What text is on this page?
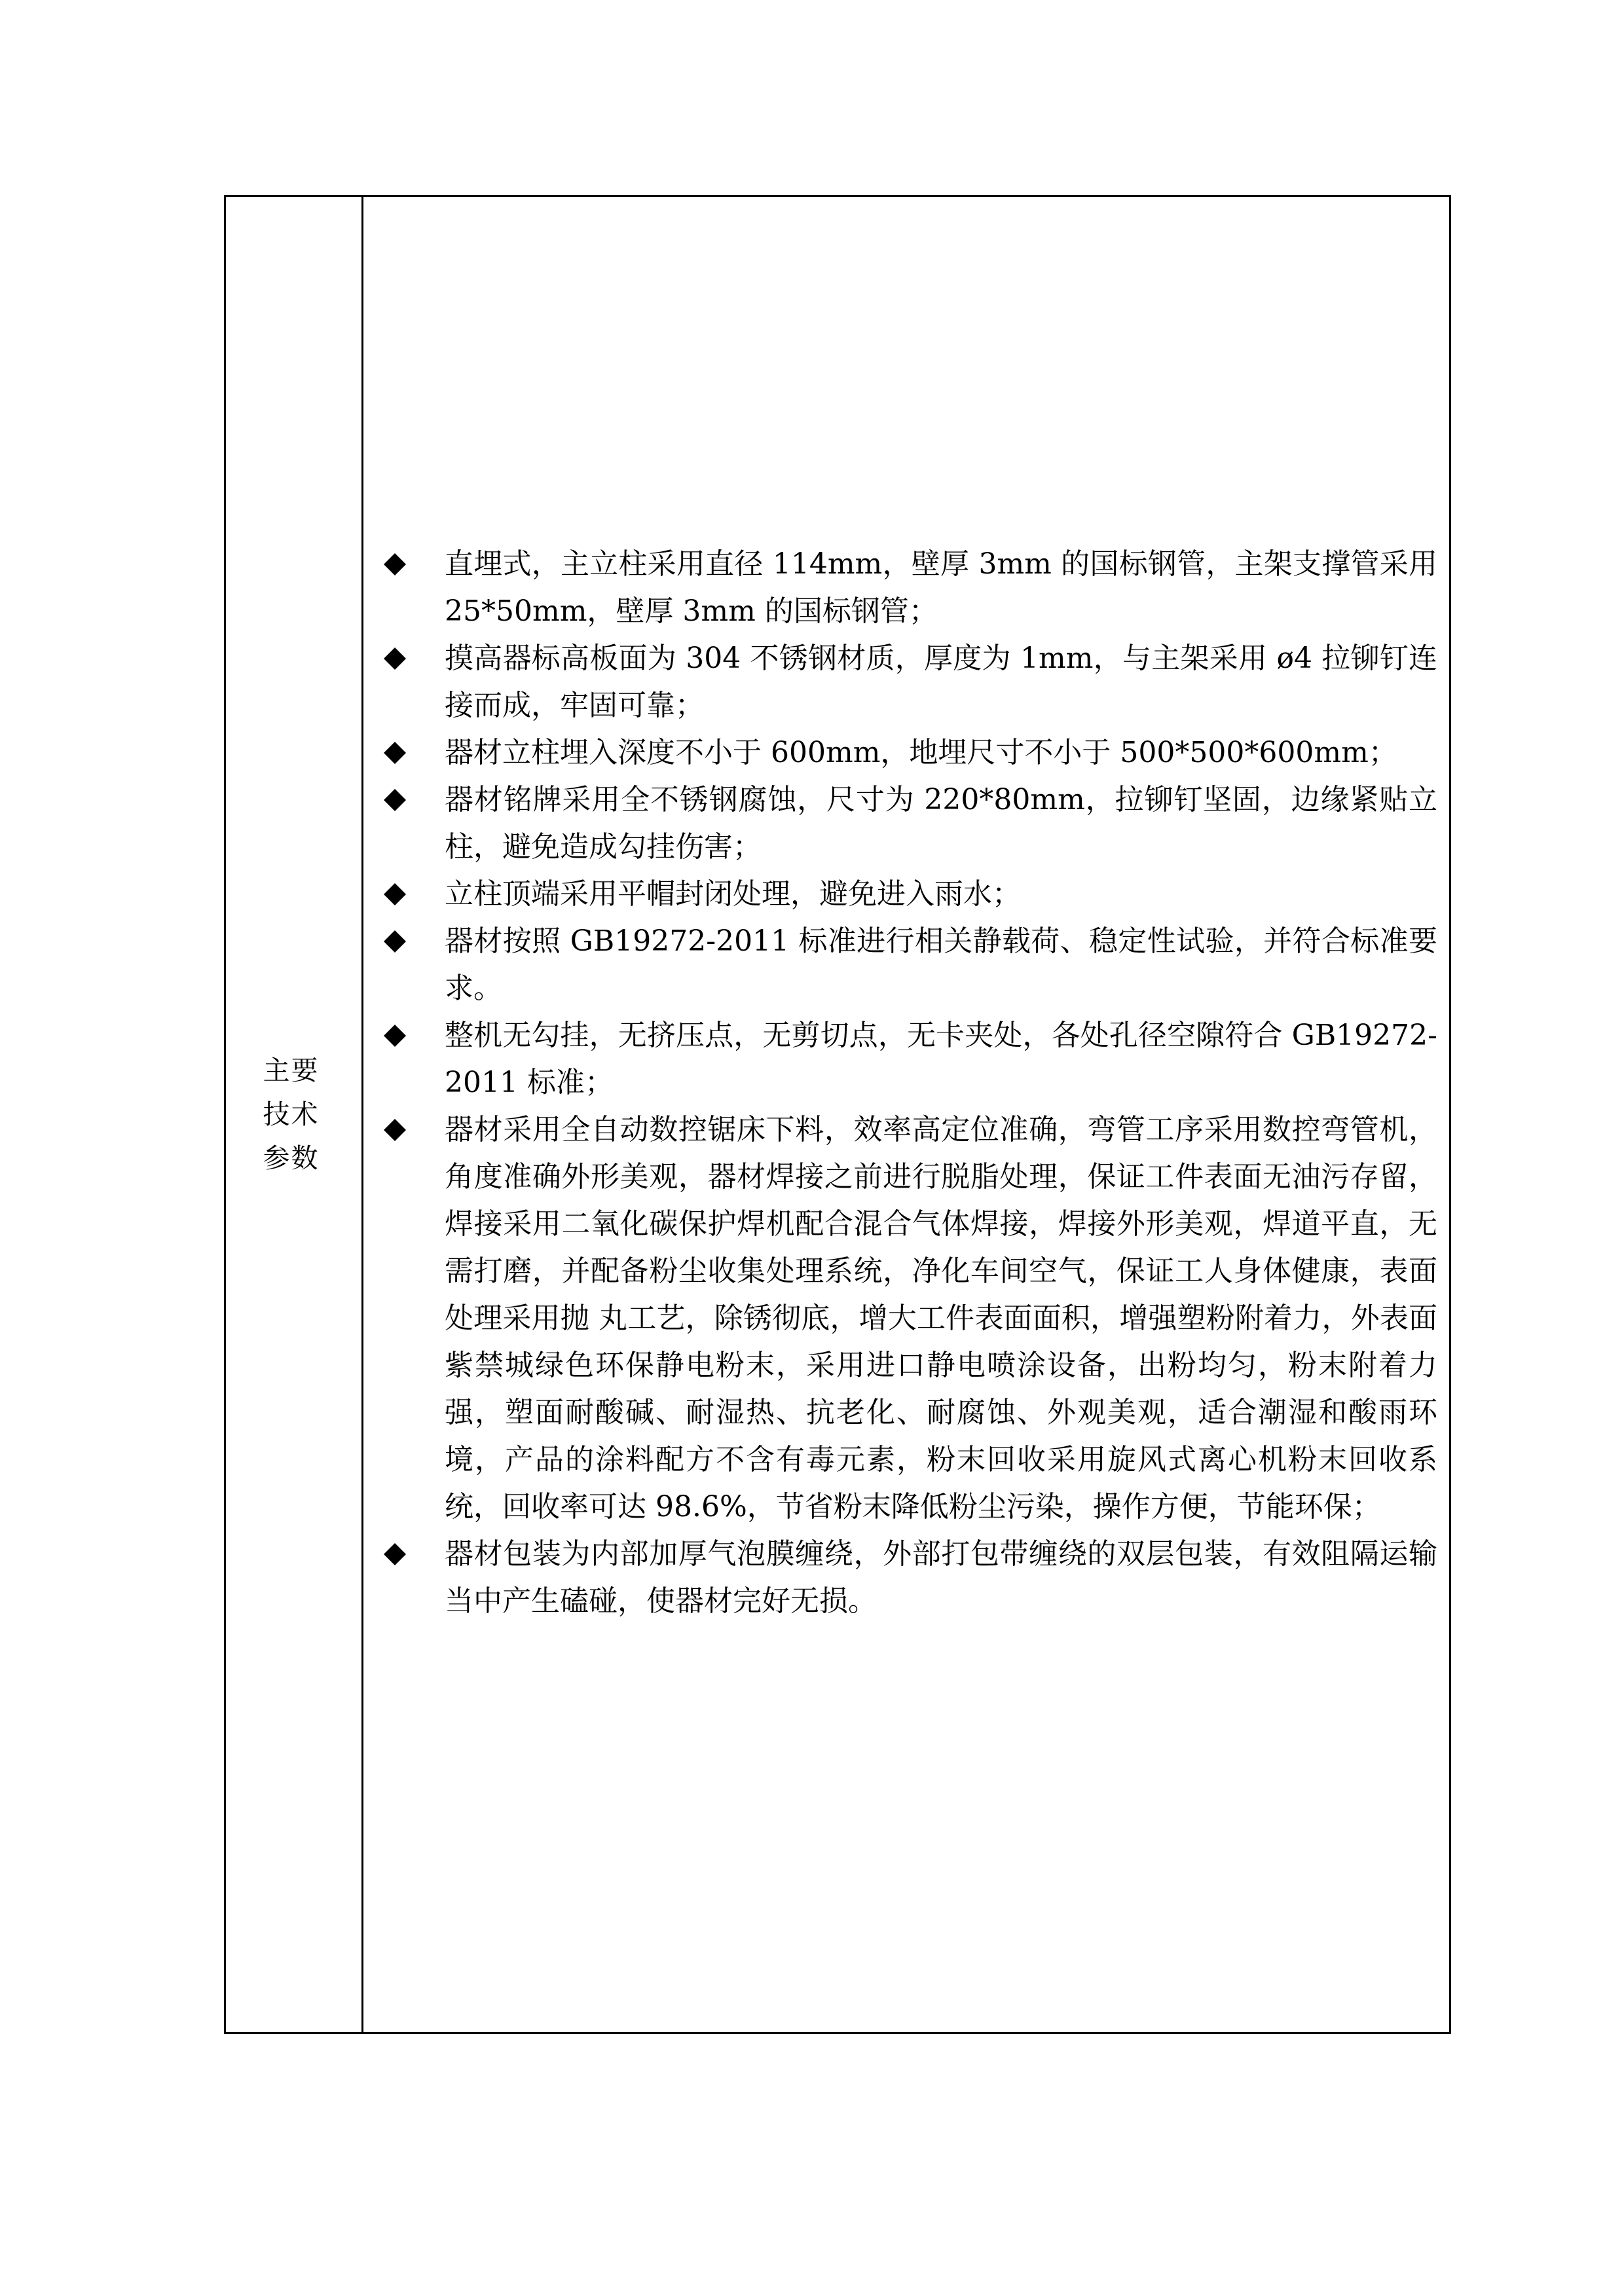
主要技术参数
直埋式，主立柱采用直径 114mm，壁厚 3mm 的国标钢管，主架支撑管采用 25*50mm，壁厚 3mm 的国标钢管；
摸高器标高板面为 304 不锈钢材质，厚度为 1mm，与主架采用 ø4 拉铆钉连接而成，牢固可靠；
器材立柱埋入深度不小于 600mm，地埋尺寸不小于 500*500*600mm；
器材铭牌采用全不锈钢腐蚀，尺寸为 220*80mm，拉铆钉坚固，边缘紧贴立柱，避免造成勾挂伤害；
立柱顶端采用平帽封闭处理，避免进入雨水；
器材按照 GB19272-2011 标准进行相关静载荷、稳定性试验，并符合标准要求。
整机无勾挂，无挤压点，无剪切点，无卡夹处，各处孔径空隙符合 GB19272-2011 标准；
器材采用全自动数控锯床下料，效率高定位准确，弯管工序采用数控弯管机，角度准确外形美观，器材焊接之前进行脱脂处理，保证工件表面无油污存留，焊接采用二氧化碳保护焊机配合混合气体焊接，焊接外形美观，焊道平直，无需打磨，并配备粉尘收集处理系统，净化车间空气，保证工人身体健康，表面处理采用抛 丸工艺，除锈彻底，增大工件表面面积，增强塑粉附着力，外表面紫禁城绿色环保静电粉末，采用进口静电喷涂设备，出粉均匀，粉末附着力强，塑面耐酸碱、耐湿热、抗老化、耐腐蚀、外观美观，适合潮湿和酸雨环境，产品的涂料配方不含有毒元素，粉末回收采用旋风式离心机粉末回收系统，回收率可达 98.6%，节省粉末降低粉尘污染，操作方便，节能环保；
器材包装为内部加厚气泡膜缠绕，外部打包带缠绕的双层包装，有效阻隔运输当中产生磕碰，使器材完好无损。
